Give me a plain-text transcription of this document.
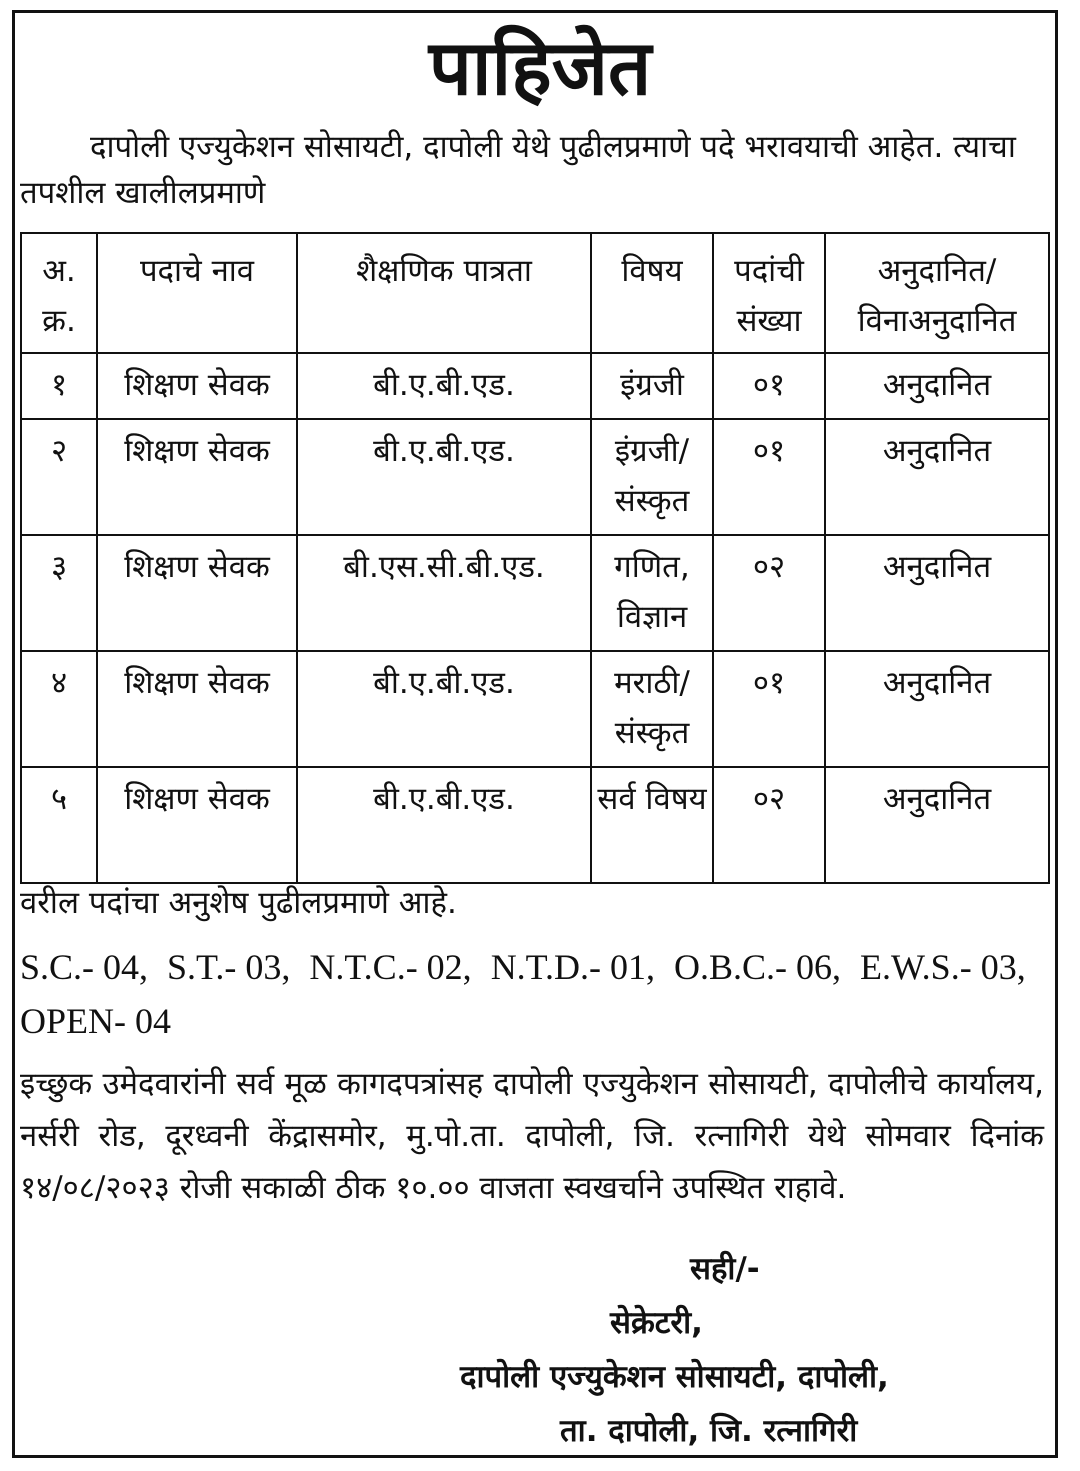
पाहिजेत

दापोली एज्युकेशन सोसायटी, दापोली येथे पुढीलप्रमाणे पदे भरावयाची आहेत. त्याचा तपशील खालीलप्रमाणे

अ. क्र.	पदाचे नाव	शैक्षणिक पात्रता	विषय	पदांची संख्या	अनुदानित/ विनाअनुदानित
१	शिक्षण सेवक	बी.ए.बी.एड.	इंग्रजी	०१	अनुदानित
२	शिक्षण सेवक	बी.ए.बी.एड.	इंग्रजी/ संस्कृत	०१	अनुदानित
३	शिक्षण सेवक	बी.एस.सी.बी.एड.	गणित, विज्ञान	०२	अनुदानित
४	शिक्षण सेवक	बी.ए.बी.एड.	मराठी/ संस्कृत	०१	अनुदानित
५	शिक्षण सेवक	बी.ए.बी.एड.	सर्व विषय	०२	अनुदानित

वरील पदांचा अनुशेष पुढीलप्रमाणे आहे.

S.C.- 04, S.T.- 03, N.T.C.- 02, N.T.D.- 01, O.B.C.- 06, E.W.S.- 03, OPEN- 04

इच्छुक उमेदवारांनी सर्व मूळ कागदपत्रांसह दापोली एज्युकेशन सोसायटी, दापोलीचे कार्यालय, नर्सरी रोड, दूरध्वनी केंद्रासमोर, मु.पो.ता. दापोली, जि. रत्नागिरी येथे सोमवार दिनांक १४/०८/२०२३ रोजी सकाळी ठीक १०.०० वाजता स्वखर्चाने उपस्थित राहावे.

सही/-
सेक्रेटरी,
दापोली एज्युकेशन सोसायटी, दापोली,
ता. दापोली, जि. रत्नागिरी
